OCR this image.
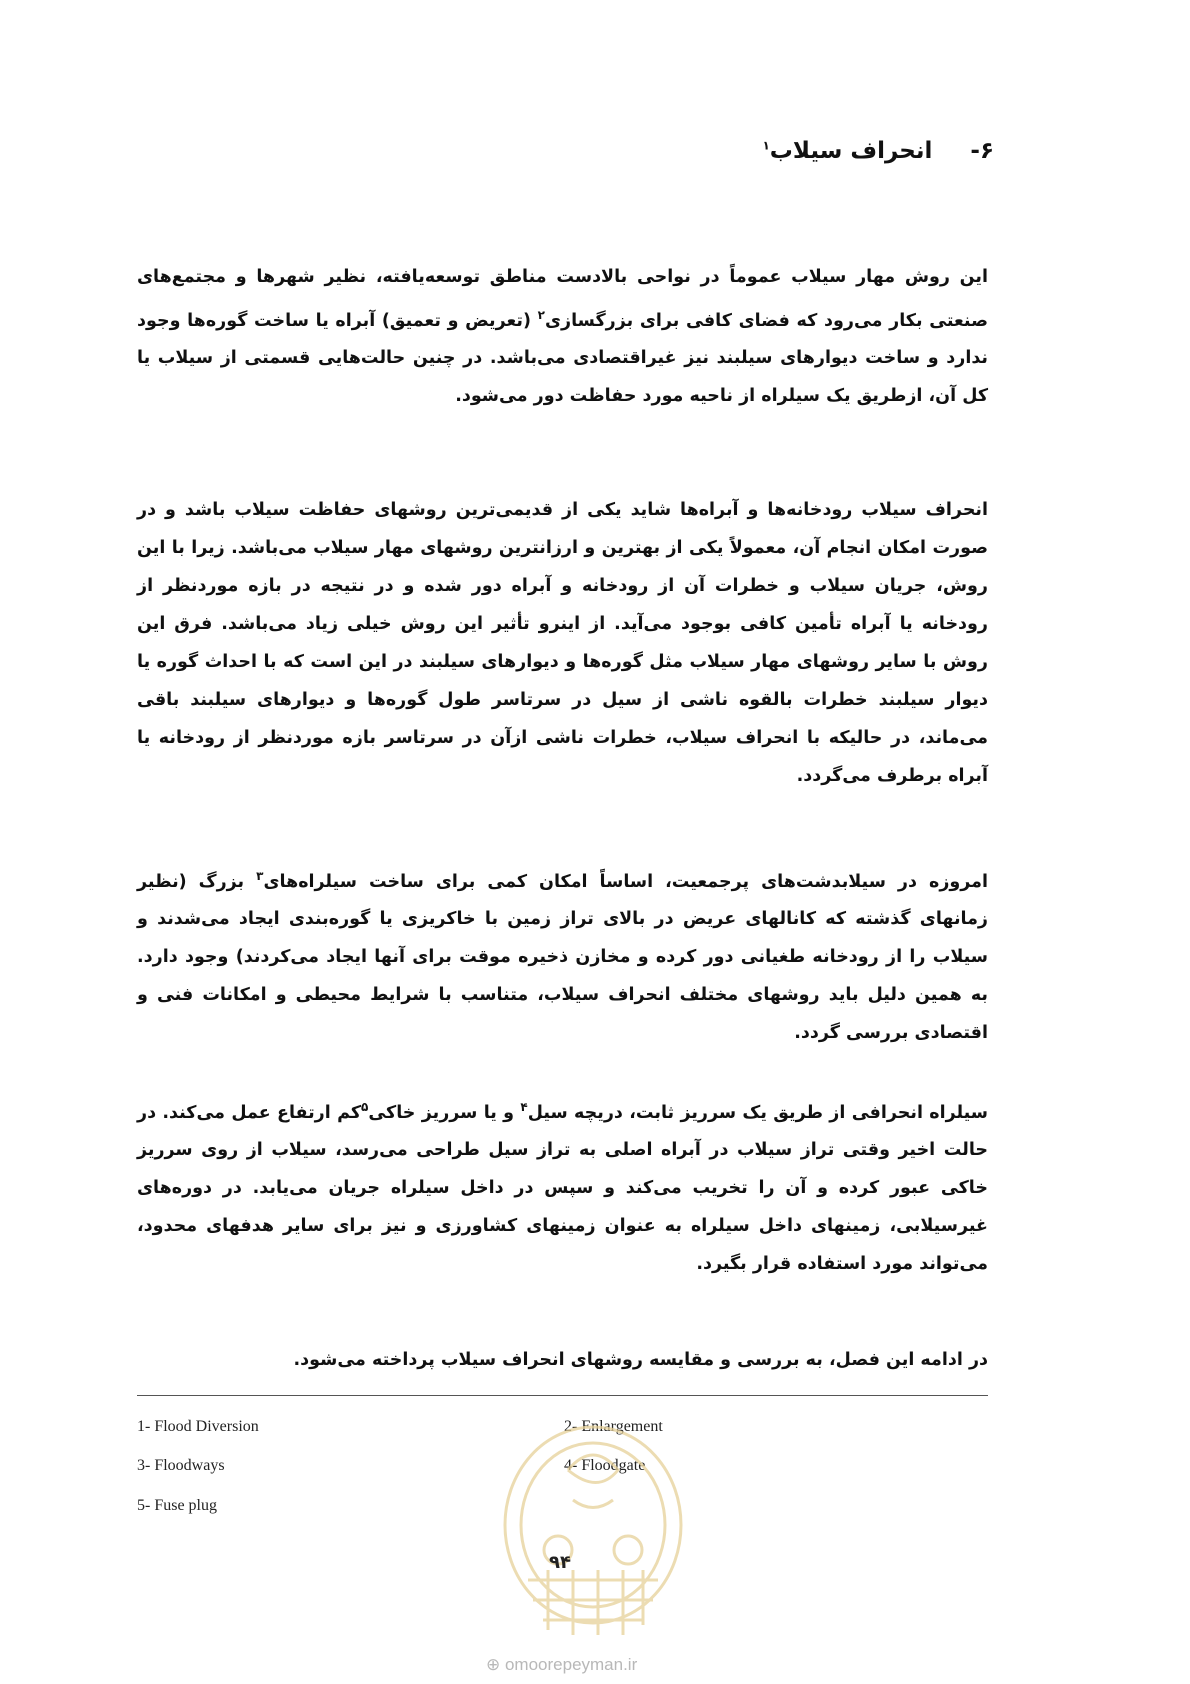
۶-
انحراف سیلاب$^۱$

این روش مهار سیلاب عموماً در نواحی بالادست مناطق توسعه‌یافته، نظیر شهرها و مجتمع‌های صنعتی بکار می‌رود که فضای کافی برای بزرگسازی$^۲$ (تعریض و تعمیق) آبراه یا ساخت گوره‌ها وجود ندارد و ساخت دیوارهای سیلبند نیز غیراقتصادی می‌باشد. در چنین حالت‌هایی قسمتی از سیلاب یا کل آن، ازطریق یک سیلراه از ناحیه مورد حفاظت دور می‌شود.

انحراف سیلاب رودخانه‌ها و آبراه‌ها شاید یکی از قدیمی‌ترین روشهای حفاظت سیلاب باشد و در صورت امکان انجام آن، معمولاً یکی از بهترین و ارزانترین روشهای مهار سیلاب می‌باشد. زیرا با این روش، جریان سیلاب و خطرات آن از رودخانه و آبراه دور شده و در نتیجه در بازه موردنظر از رودخانه یا آبراه تأمین کافی بوجود می‌آید. از اینرو تأثیر این روش خیلی زیاد می‌باشد. فرق این روش با سایر روشهای مهار سیلاب مثل گوره‌ها و دیوارهای سیلبند در این است که با احداث گوره یا دیوار سیلبند خطرات بالقوه ناشی از سیل در سرتاسر طول گوره‌ها و دیوارهای سیلبند باقی می‌ماند، در حالیکه با انحراف سیلاب، خطرات ناشی ازآن در سرتاسر بازه موردنظر از رودخانه یا آبراه برطرف می‌گردد.

امروزه در سیلابدشت‌های پرجمعیت، اساساً امکان کمی برای ساخت سیلراه‌های$^۳$ بزرگ (نظیر زمانهای گذشته که کانالهای عریض در بالای تراز زمین با خاکریزی یا گوره‌بندی ایجاد می‌شدند و سیلاب را از رودخانه طغیانی دور کرده و مخازن ذخیره موقت برای آنها ایجاد می‌کردند) وجود دارد. به همین دلیل باید روشهای مختلف انحراف سیلاب، متناسب با شرایط محیطی و امکانات فنی و اقتصادی بررسی گردد.

سیلراه انحرافی از طریق یک سرریز ثابت، دریچه سیل$^۴$ و یا سرریز خاکی$^۵$کم ارتفاع عمل می‌کند. در حالت اخیر وقتی تراز سیلاب در آبراه اصلی به تراز سیل طراحی می‌رسد، سیلاب از روی سرریز خاکی عبور کرده و آن را تخریب می‌کند و سپس در داخل سیلراه جریان می‌یابد. در دوره‌های غیرسیلابی، زمینهای داخل سیلراه به عنوان زمینهای کشاورزی و نیز برای سایر هدفهای محدود، می‌تواند مورد استفاده قرار بگیرد.

در ادامه این فصل، به بررسی و مقایسه روشهای انحراف سیلاب پرداخته می‌شود.

1- Flood Diversion	2- Enlargement
3- Floodways	4- Floodgate
5- Fuse plug
۹۴
⊕ omoorepeyman.ir
